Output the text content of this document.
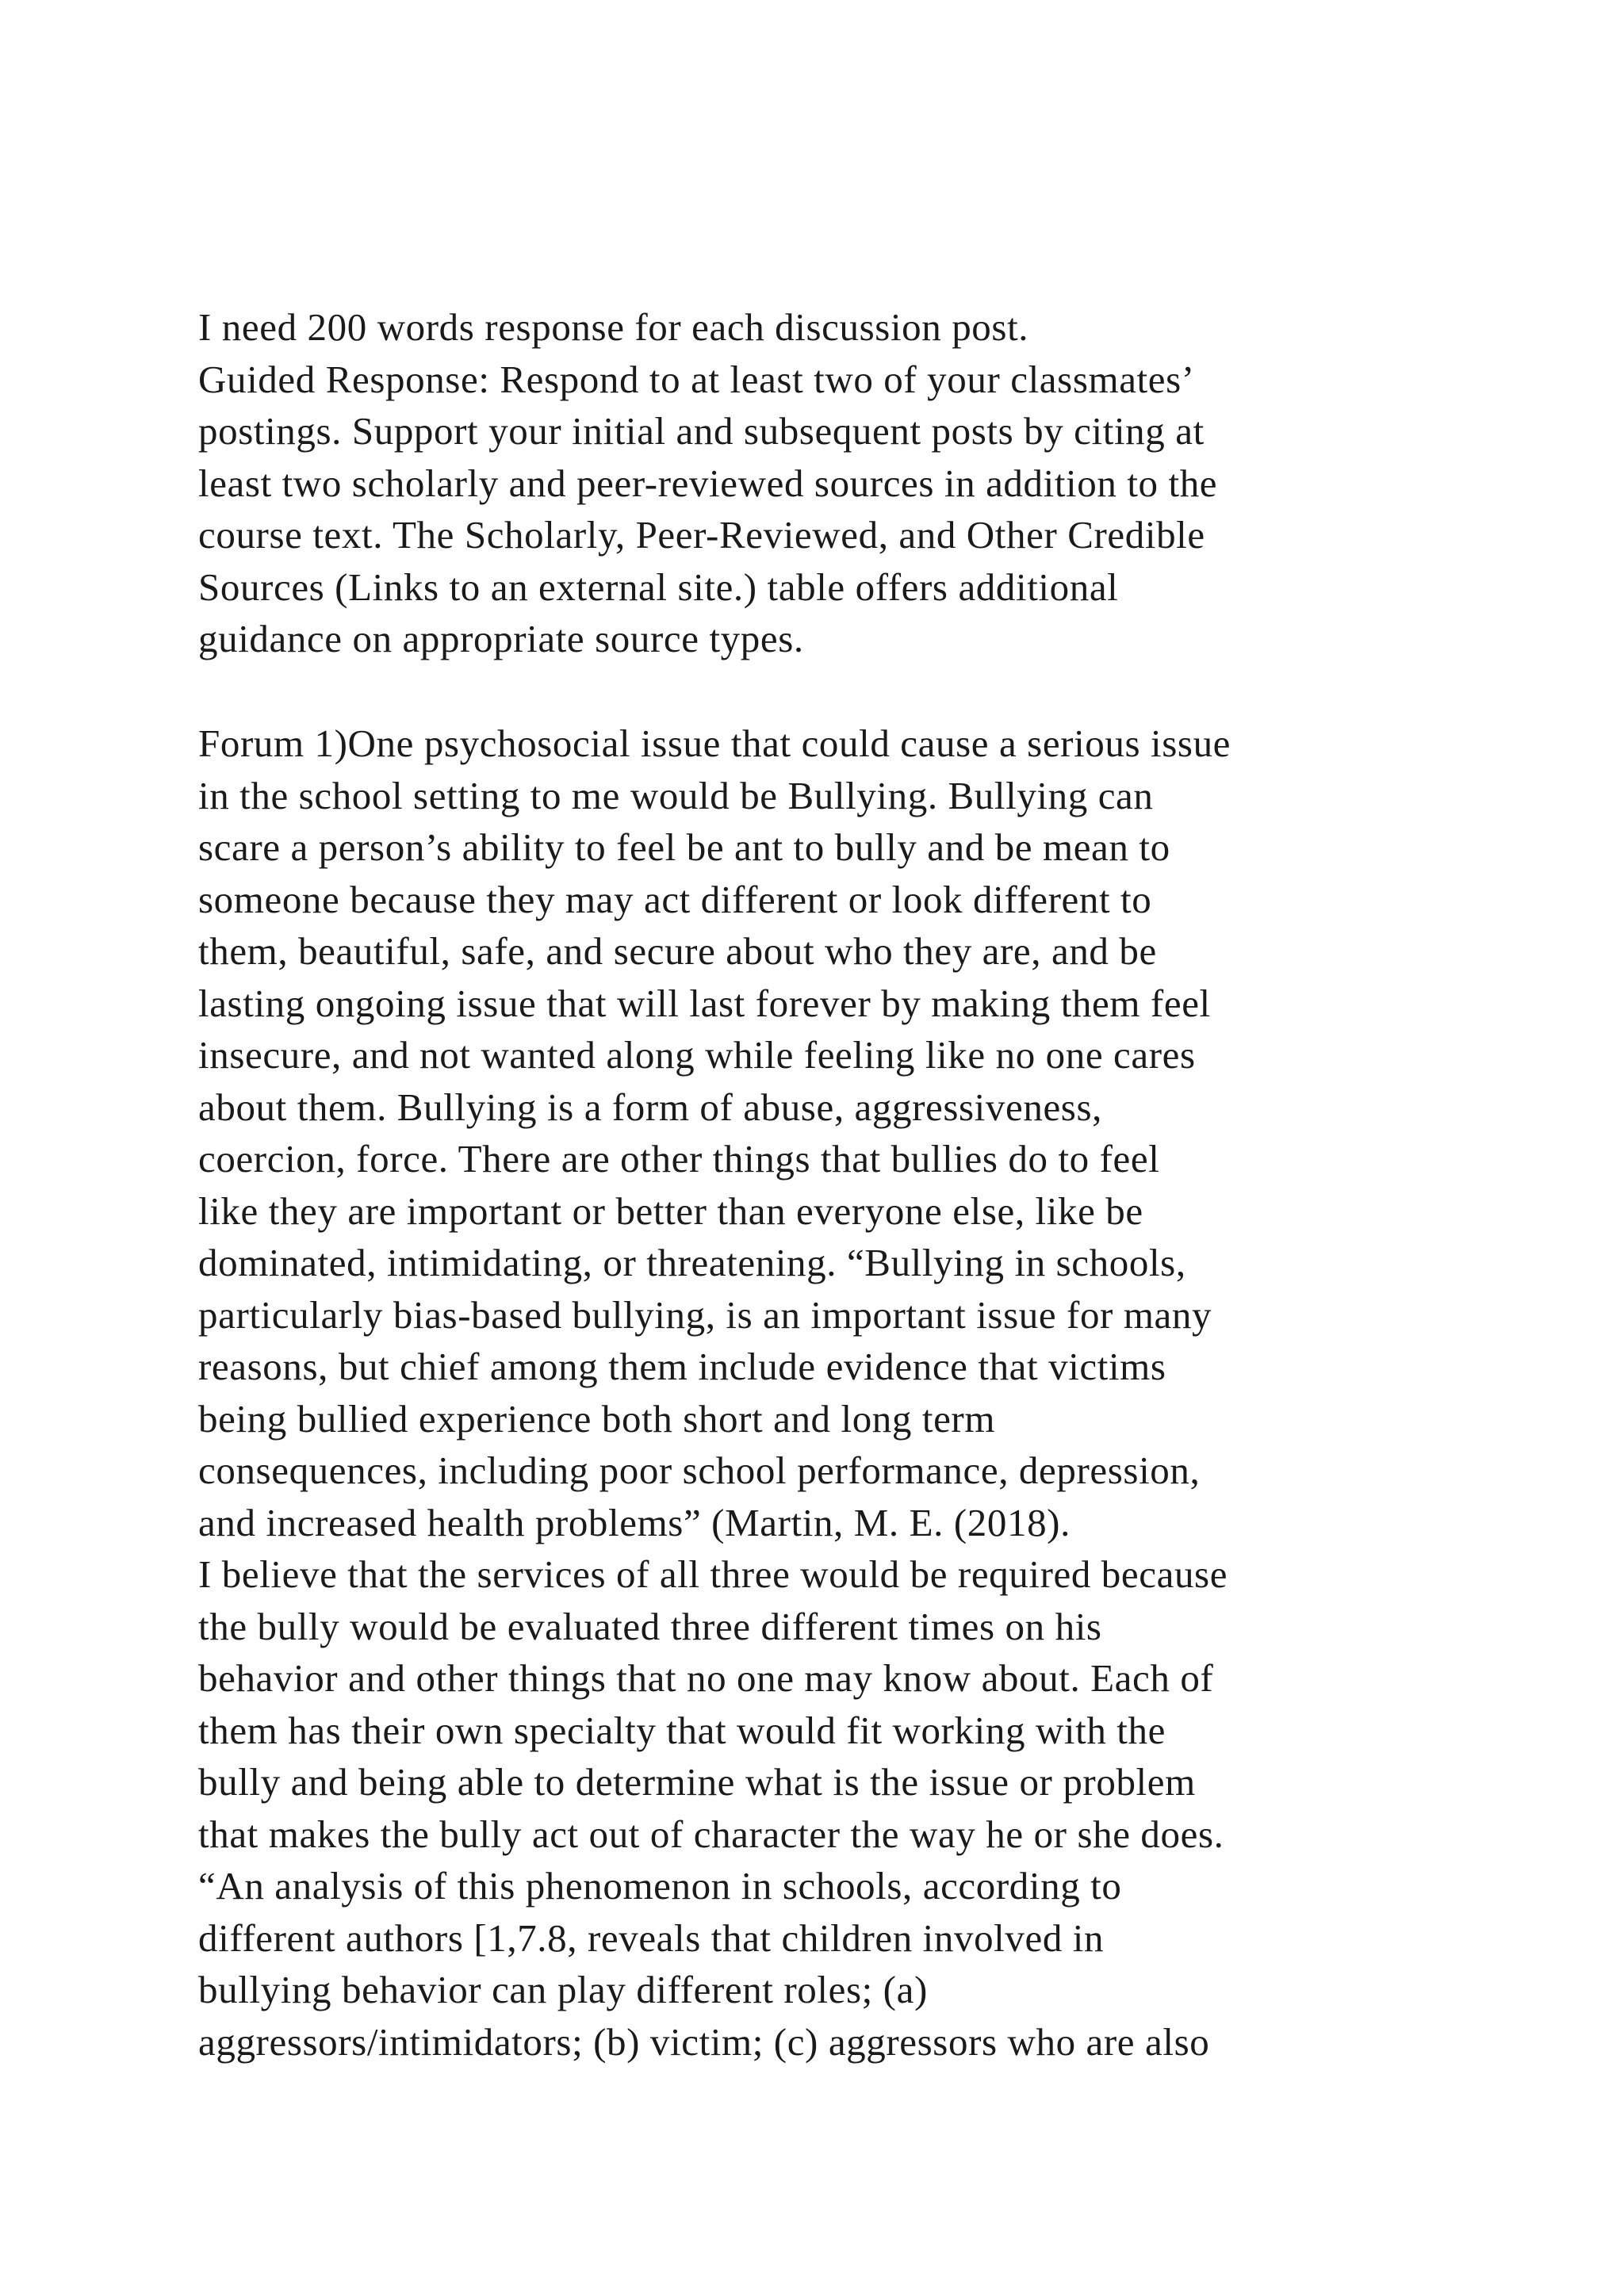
I need 200 words response for each discussion post.
Guided Response: Respond to at least two of your classmates’
postings. Support your initial and subsequent posts by citing at
least two scholarly and peer-reviewed sources in addition to the
course text. The Scholarly, Peer-Reviewed, and Other Credible
Sources (Links to an external site.) table offers additional
guidance on appropriate source types.
Forum 1)One psychosocial issue that could cause a serious issue
in the school setting to me would be Bullying. Bullying can
scare a person’s ability to feel be ant to bully and be mean to
someone because they may act different or look different to
them, beautiful, safe, and secure about who they are, and be
lasting ongoing issue that will last forever by making them feel
insecure, and not wanted along while feeling like no one cares
about them. Bullying is a form of abuse, aggressiveness,
coercion, force. There are other things that bullies do to feel
like they are important or better than everyone else, like be
dominated, intimidating, or threatening. “Bullying in schools,
particularly bias-based bullying, is an important issue for many
reasons, but chief among them include evidence that victims
being bullied experience both short and long term
consequences, including poor school performance, depression,
and increased health problems” (Martin, M. E. (2018).
I believe that the services of all three would be required because
the bully would be evaluated three different times on his
behavior and other things that no one may know about. Each of
them has their own specialty that would fit working with the
bully and being able to determine what is the issue or problem
that makes the bully act out of character the way he or she does.
“An analysis of this phenomenon in schools, according to
different authors [1,7.8, reveals that children involved in
bullying behavior can play different roles; (a)
aggressors/intimidators; (b) victim; (c) aggressors who are also
